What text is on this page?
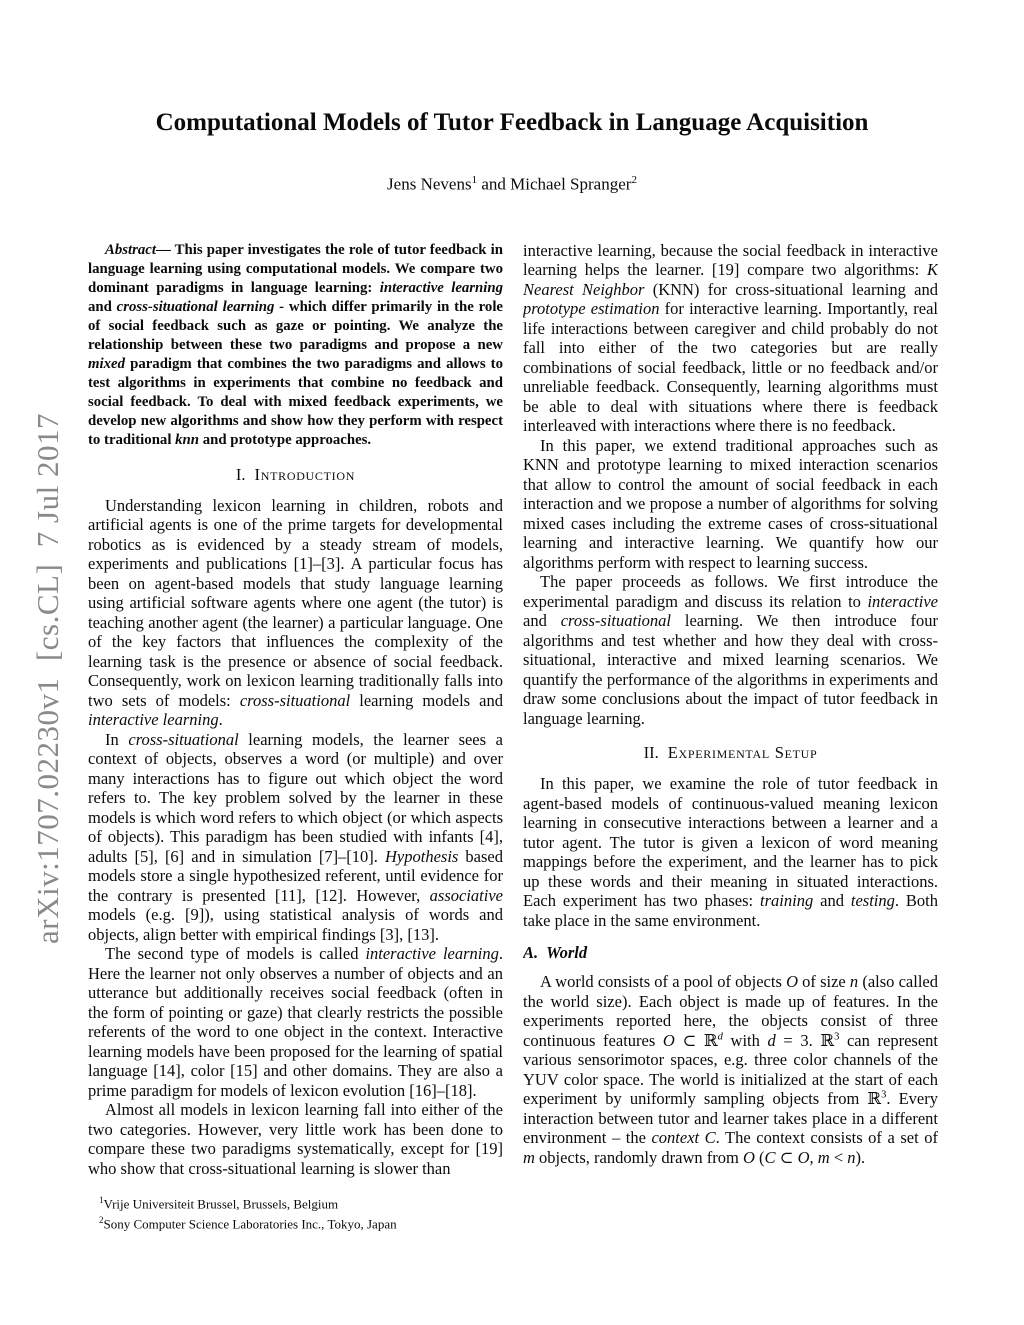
arXiv:1707.02230v1  [cs.CL]  7 Jul 2017
Computational Models of Tutor Feedback in Language Acquisition
Jens Nevens$^1$ and Michael Spranger$^2$

Abstract— This paper investigates the role of tutor feedback in language learning using computational models. We compare two dominant paradigms in language learning: interactive learning and cross-situational learning - which differ primarily in the role of social feedback such as gaze or pointing. We analyze the relationship between these two paradigms and propose a new mixed paradigm that combines the two paradigms and allows to test algorithms in experiments that combine no feedback and social feedback. To deal with mixed feedback experiments, we develop new algorithms and show how they perform with respect to traditional knn and prototype approaches.

I. Introduction

Understanding lexicon learning in children, robots and artificial agents is one of the prime targets for developmental robotics as is evidenced by a steady stream of models, experiments and publications [1]–[3]. A particular focus has been on agent-based models that study language learning using artificial software agents where one agent (the tutor) is teaching another agent (the learner) a particular language. One of the key factors that influences the complexity of the learning task is the presence or absence of social feedback. Consequently, work on lexicon learning traditionally falls into two sets of models: cross-situational learning models and interactive learning.

In cross-situational learning models, the learner sees a context of objects, observes a word (or multiple) and over many interactions has to figure out which object the word refers to. The key problem solved by the learner in these models is which word refers to which object (or which aspects of objects). This paradigm has been studied with infants [4], adults [5], [6] and in simulation [7]–[10]. Hypothesis based models store a single hypothesized referent, until evidence for the contrary is presented [11], [12]. However, associative models (e.g. [9]), using statistical analysis of words and objects, align better with empirical findings [3], [13].

The second type of models is called interactive learning. Here the learner not only observes a number of objects and an utterance but additionally receives social feedback (often in the form of pointing or gaze) that clearly restricts the possible referents of the word to one object in the context. Interactive learning models have been proposed for the learning of spatial language [14], color [15] and other domains. They are also a prime paradigm for models of lexicon evolution [16]–[18].

Almost all models in lexicon learning fall into either of the two categories. However, very little work has been done to compare these two paradigms systematically, except for [19] who show that cross-situational learning is slower than

$^1$Vrije Universiteit Brussel, Brussels, Belgium
$^2$Sony Computer Science Laboratories Inc., Tokyo, Japan

interactive learning, because the social feedback in interactive learning helps the learner. [19] compare two algorithms: K Nearest Neighbor (KNN) for cross-situational learning and prototype estimation for interactive learning. Importantly, real life interactions between caregiver and child probably do not fall into either of the two categories but are really combinations of social feedback, little or no feedback and/or unreliable feedback. Consequently, learning algorithms must be able to deal with situations where there is feedback interleaved with interactions where there is no feedback.

In this paper, we extend traditional approaches such as KNN and prototype learning to mixed interaction scenarios that allow to control the amount of social feedback in each interaction and we propose a number of algorithms for solving mixed cases including the extreme cases of cross-situational learning and interactive learning. We quantify how our algorithms perform with respect to learning success.

The paper proceeds as follows. We first introduce the experimental paradigm and discuss its relation to interactive and cross-situational learning. We then introduce four algorithms and test whether and how they deal with cross-situational, interactive and mixed learning scenarios. We quantify the performance of the algorithms in experiments and draw some conclusions about the impact of tutor feedback in language learning.

II. Experimental Setup

In this paper, we examine the role of tutor feedback in agent-based models of continuous-valued meaning lexicon learning in consecutive interactions between a learner and a tutor agent. The tutor is given a lexicon of word meaning mappings before the experiment, and the learner has to pick up these words and their meaning in situated interactions. Each experiment has two phases: training and testing. Both take place in the same environment.

A. World

A world consists of a pool of objects O of size n (also called the world size). Each object is made up of features. In the experiments reported here, the objects consist of three continuous features O ⊂ ℝ$^d$ with d = 3. ℝ$^3$ can represent various sensorimotor spaces, e.g. three color channels of the YUV color space. The world is initialized at the start of each experiment by uniformly sampling objects from ℝ$^3$. Every interaction between tutor and learner takes place in a different environment – the context C. The context consists of a set of m objects, randomly drawn from O (C ⊂ O, m < n).
